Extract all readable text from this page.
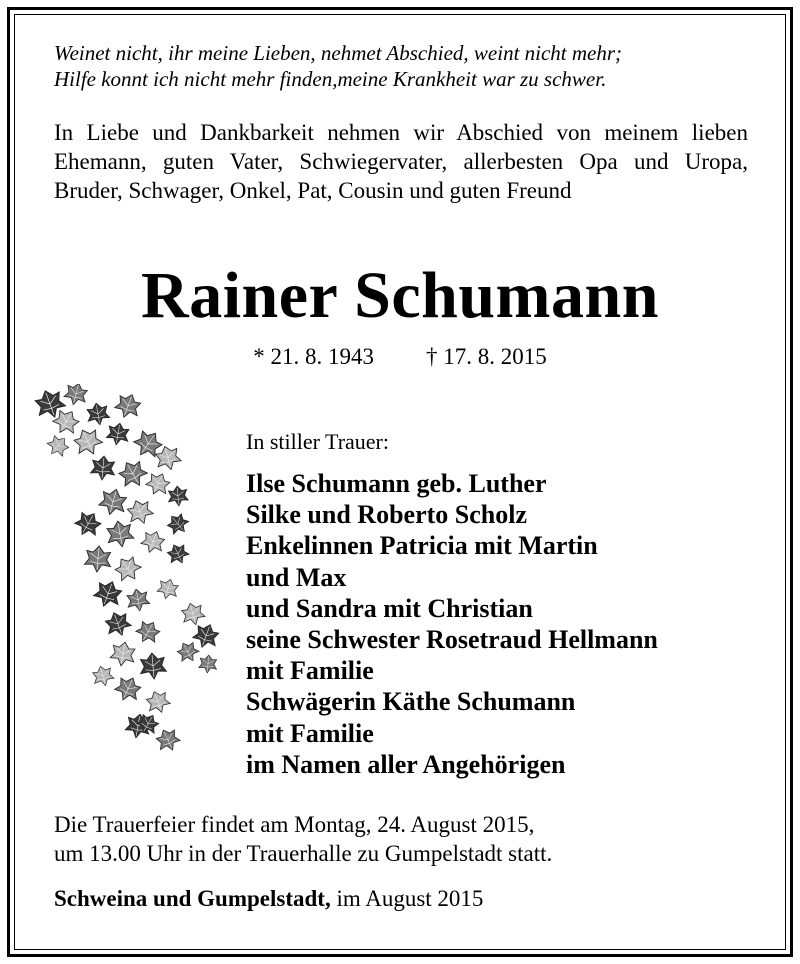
Weinet nicht, ihr meine Lieben, nehmet Abschied, weint nicht mehr;
Hilfe konnt ich nicht mehr finden,meine Krankheit war zu schwer.
In Liebe und Dankbarkeit nehmen wir Abschied von meinem lieben Ehemann, guten Vater, Schwiegervater, allerbesten Opa und Uropa, Bruder, Schwager, Onkel, Pat, Cousin und guten Freund
Rainer Schumann
* 21. 8. 1943 † 17. 8. 2015
In stiller Trauer:
Ilse Schumann geb. Luther
Silke und Roberto Scholz
Enkelinnen Patricia mit Martin
und Max
und Sandra mit Christian
seine Schwester Rosetraud Hellmann
mit Familie
Schwägerin Käthe Schumann
mit Familie
im Namen aller Angehörigen
Die Trauerfeier findet am Montag, 24. August 2015,
um 13.00 Uhr in der Trauerhalle zu Gumpelstadt statt.
Schweina und Gumpelstadt, im August 2015
